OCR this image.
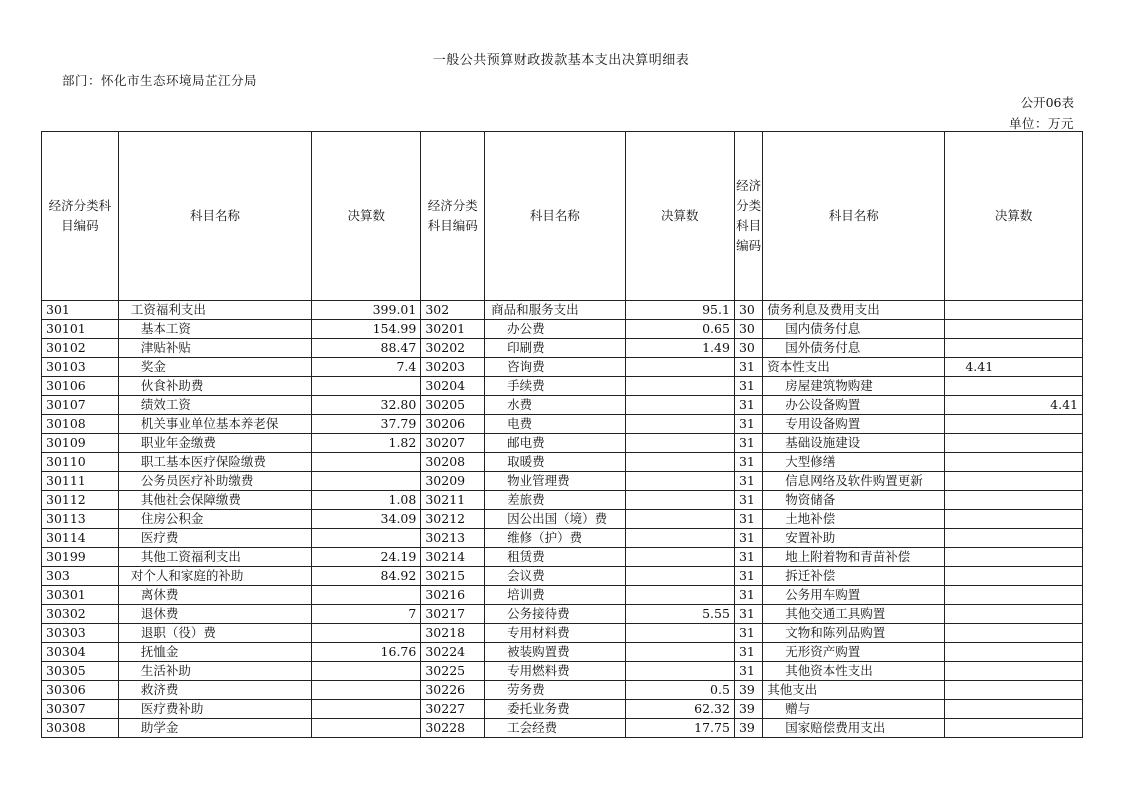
一般公共预算财政拨款基本支出决算明细表
部门：怀化市生态环境局芷江分局
公开06表
单位：万元
经济分类科目编码	科目名称	决算数	经济分类科目编码	科目名称	决算数	经济分类科目编码	科目名称	决算数
301	工资福利支出	399.01	302	商品和服务支出	95.1	30	债务利息及费用支出	

30101	基本工资	154.99	30201	办公费	0.65	30	国内债务付息	

30102	津贴补贴	88.47	30202	印刷费	1.49	30	国外债务付息	

30103	奖金	7.4	30203	咨询费		31	资本性支出	4.41

30106	伙食补助费		30204	手续费		31	房屋建筑物购建	

30107	绩效工资	32.80	30205	水费		31	办公设备购置	4.41

30108	机关事业单位基本养老保	37.79	30206	电费		31	专用设备购置	

30109	职业年金缴费	1.82	30207	邮电费		31	基础设施建设	

30110	职工基本医疗保险缴费		30208	取暖费		31	大型修缮	

30111	公务员医疗补助缴费		30209	物业管理费		31	信息网络及软件购置更新	

30112	其他社会保障缴费	1.08	30211	差旅费		31	物资储备	

30113	住房公积金	34.09	30212	因公出国（境）费		31	土地补偿	

30114	医疗费		30213	维修（护）费		31	安置补助	

30199	其他工资福利支出	24.19	30214	租赁费		31	地上附着物和青苗补偿	

303	对个人和家庭的补助	84.92	30215	会议费		31	拆迁补偿	

30301	离休费		30216	培训费		31	公务用车购置	

30302	退休费	7	30217	公务接待费	5.55	31	其他交通工具购置	

30303	退职（役）费		30218	专用材料费		31	文物和陈列品购置	

30304	抚恤金	16.76	30224	被装购置费		31	无形资产购置	

30305	生活补助		30225	专用燃料费		31	其他资本性支出	

30306	救济费		30226	劳务费	0.5	39	其他支出	

30307	医疗费补助		30227	委托业务费	62.32	39	赠与	

30308	助学金		30228	工会经费	17.75	39	国家赔偿费用支出	
